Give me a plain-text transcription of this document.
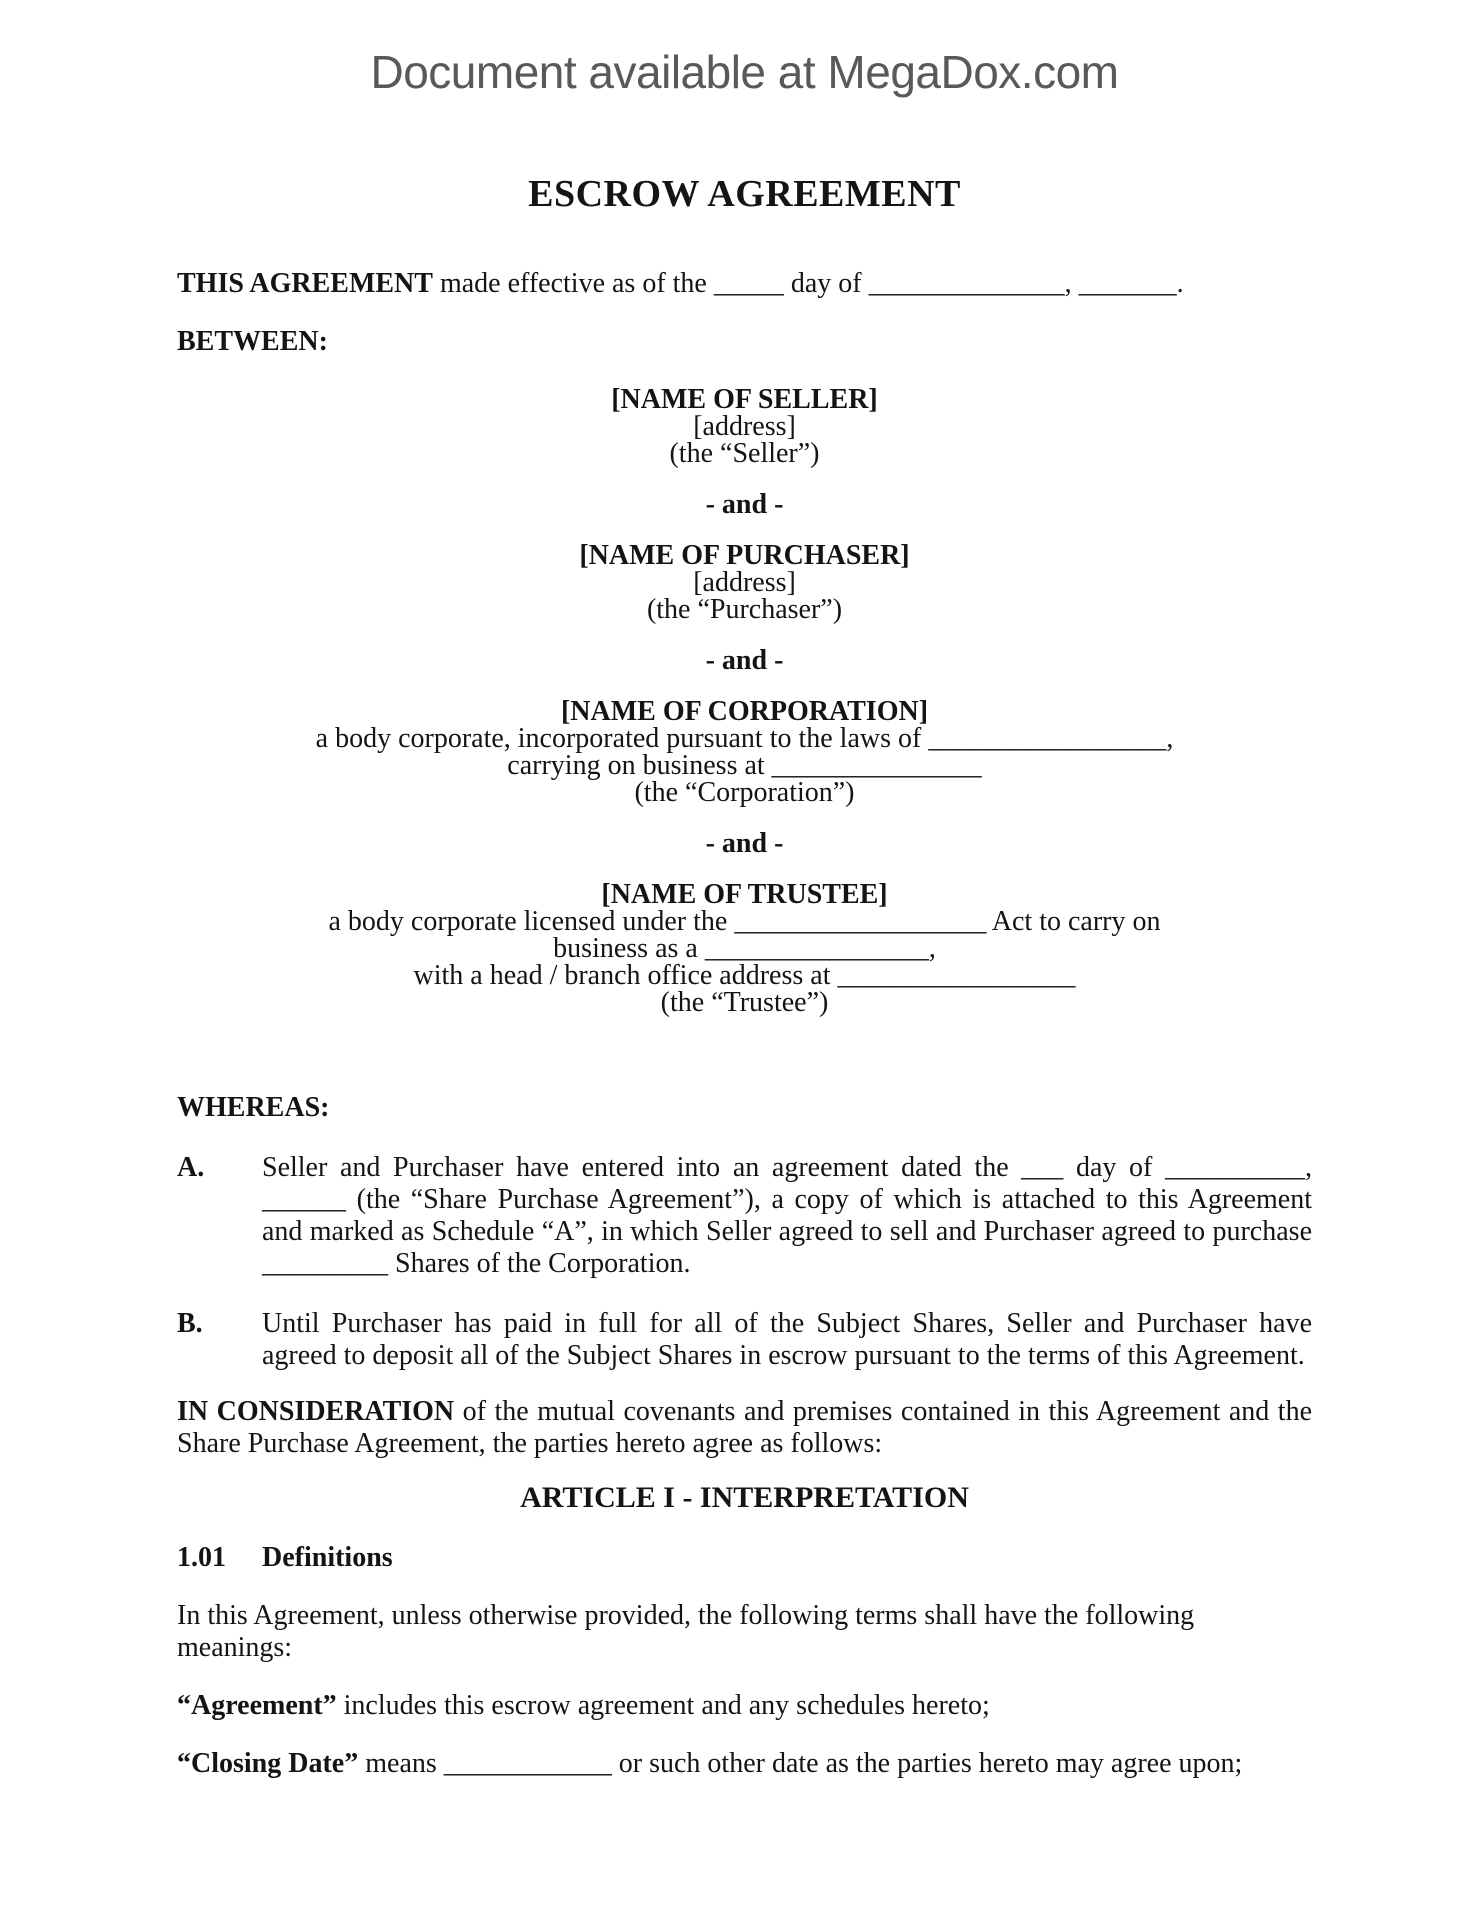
Document available at MegaDox.com
ESCROW AGREEMENT

THIS AGREEMENT made effective as of the _____ day of ______________, _______.

BETWEEN:

[NAME OF SELLER]
[address]
(the “Seller”)
- and -
[NAME OF PURCHASER]
[address]
(the “Purchaser”)
- and -
[NAME OF CORPORATION]
a body corporate, incorporated pursuant to the laws of _________________,
carrying on business at _______________
(the “Corporation”)
- and -
[NAME OF TRUSTEE]
a body corporate licensed under the __________________ Act to carry on
business as a ________________,
with a head / branch office address at _________________
(the “Trustee”)

WHEREAS:

A.	Seller and Purchaser have entered into an agreement dated the ___ day of __________, ______ (the “Share Purchase Agreement”), a copy of which is attached to this Agreement and marked as Schedule “A”, in which Seller agreed to sell and Purchaser agreed to purchase _________ Shares of the Corporation.
B.	Until Purchaser has paid in full for all of the Subject Shares, Seller and Purchaser have agreed to deposit all of the Subject Shares in escrow pursuant to the terms of this Agreement.

IN CONSIDERATION of the mutual covenants and premises contained in this Agreement and the Share Purchase Agreement, the parties hereto agree as follows:

ARTICLE I - INTERPRETATION
1.01	Definitions

In this Agreement, unless otherwise provided, the following terms shall have the following meanings:

“Agreement” includes this escrow agreement and any schedules hereto;

“Closing Date” means ____________ or such other date as the parties hereto may agree upon;
